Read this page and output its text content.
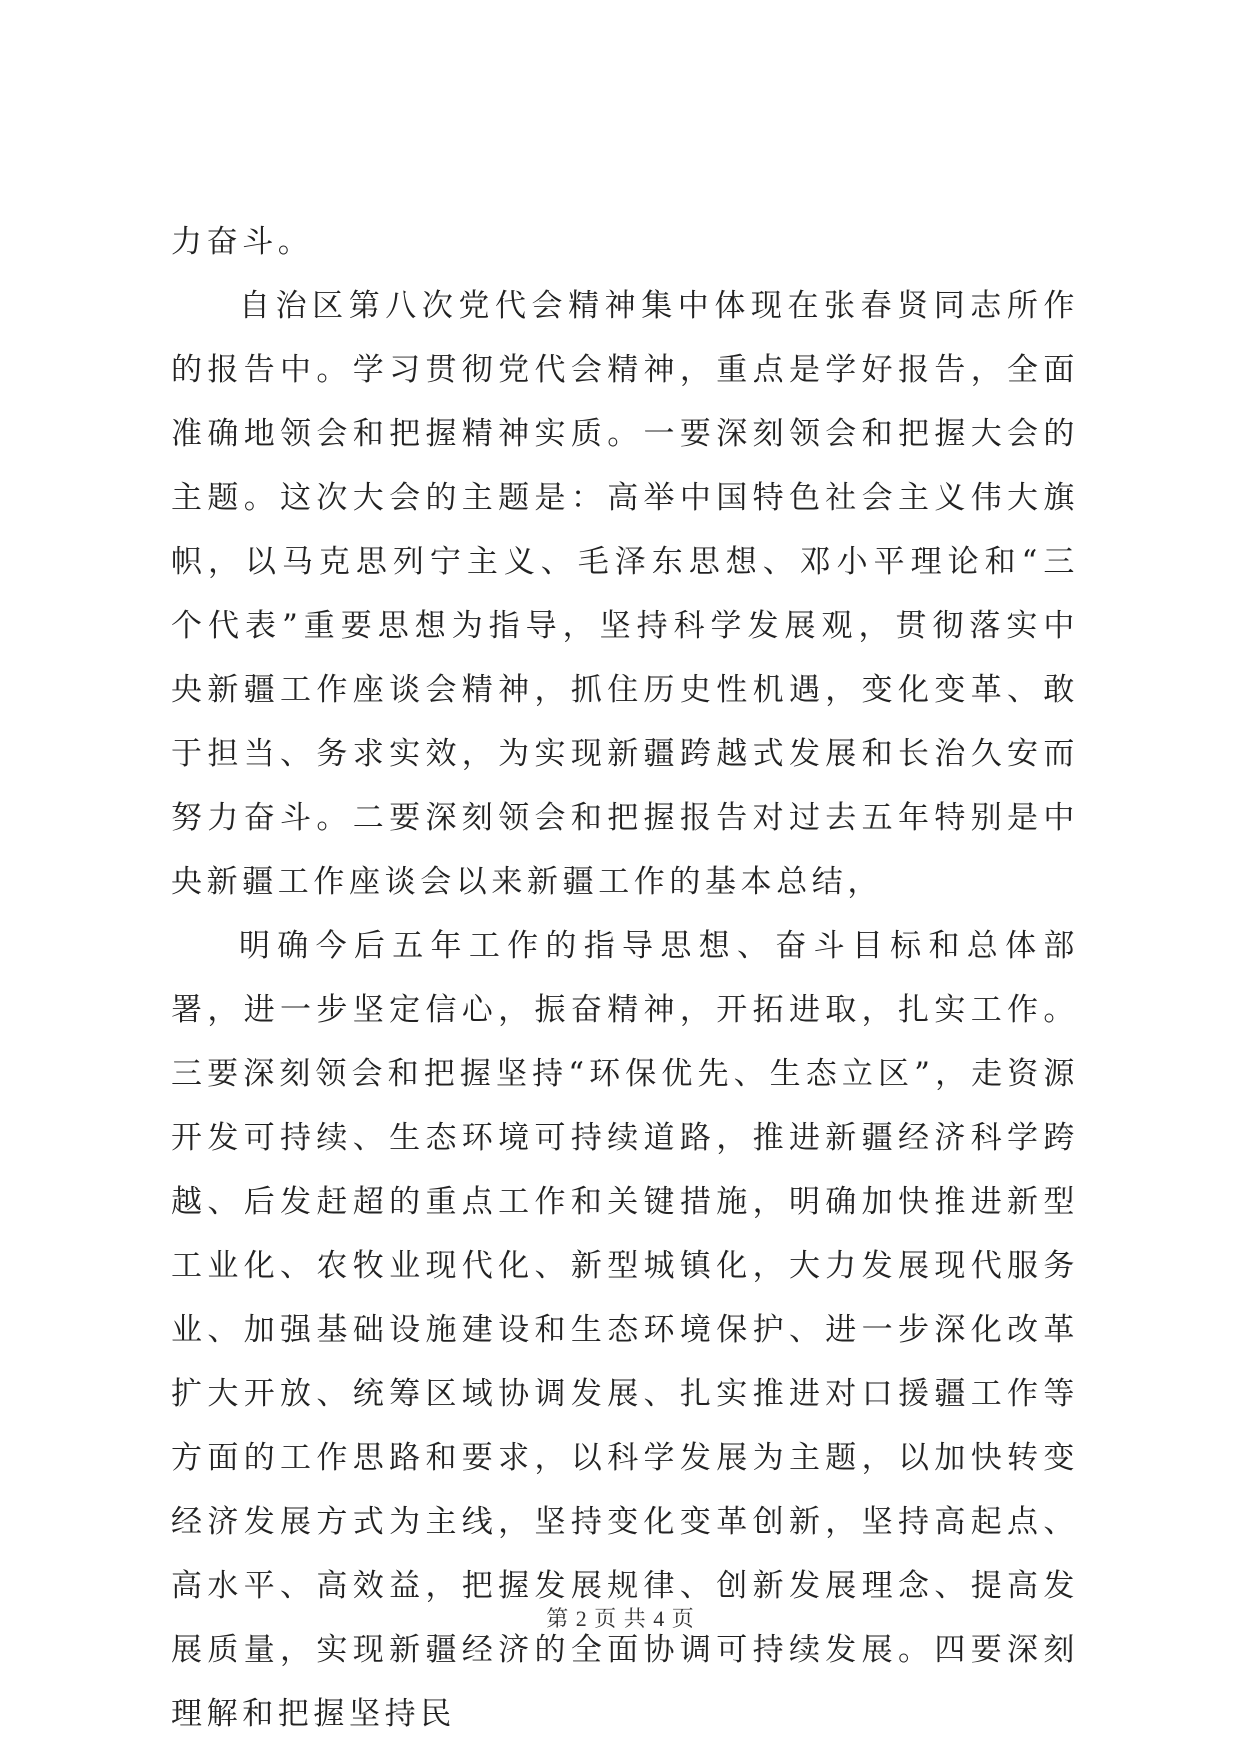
力奋斗。

自治区第八次党代会精神集中体现在张春贤同志所作的报告中。学习贯彻党代会精神，重点是学好报告，全面准确地领会和把握精神实质。一要深刻领会和把握大会的主题。这次大会的主题是：高举中国特色社会主义伟大旗帜，以马克思列宁主义、毛泽东思想、邓小平理论和“三个代表”重要思想为指导，坚持科学发展观，贯彻落实中央新疆工作座谈会精神，抓住历史性机遇，变化变革、敢于担当、务求实效，为实现新疆跨越式发展和长治久安而努力奋斗。二要深刻领会和把握报告对过去五年特别是中央新疆工作座谈会以来新疆工作的基本总结，

明确今后五年工作的指导思想、奋斗目标和总体部署，进一步坚定信心，振奋精神，开拓进取，扎实工作。三要深刻领会和把握坚持“环保优先、生态立区”，走资源开发可持续、生态环境可持续道路，推进新疆经济科学跨越、后发赶超的重点工作和关键措施，明确加快推进新型工业化、农牧业现代化、新型城镇化，大力发展现代服务业、加强基础设施建设和生态环境保护、进一步深化改革扩大开放、统筹区域协调发展、扎实推进对口援疆工作等方面的工作思路和要求，以科学发展为主题，以加快转变经济发展方式为主线，坚持变化变革创新，坚持高起点、高水平、高效益，把握发展规律、创新发展理念、提高发展质量，实现新疆经济的全面协调可持续发展。四要深刻理解和把握坚持民

第 2 页 共 4 页
